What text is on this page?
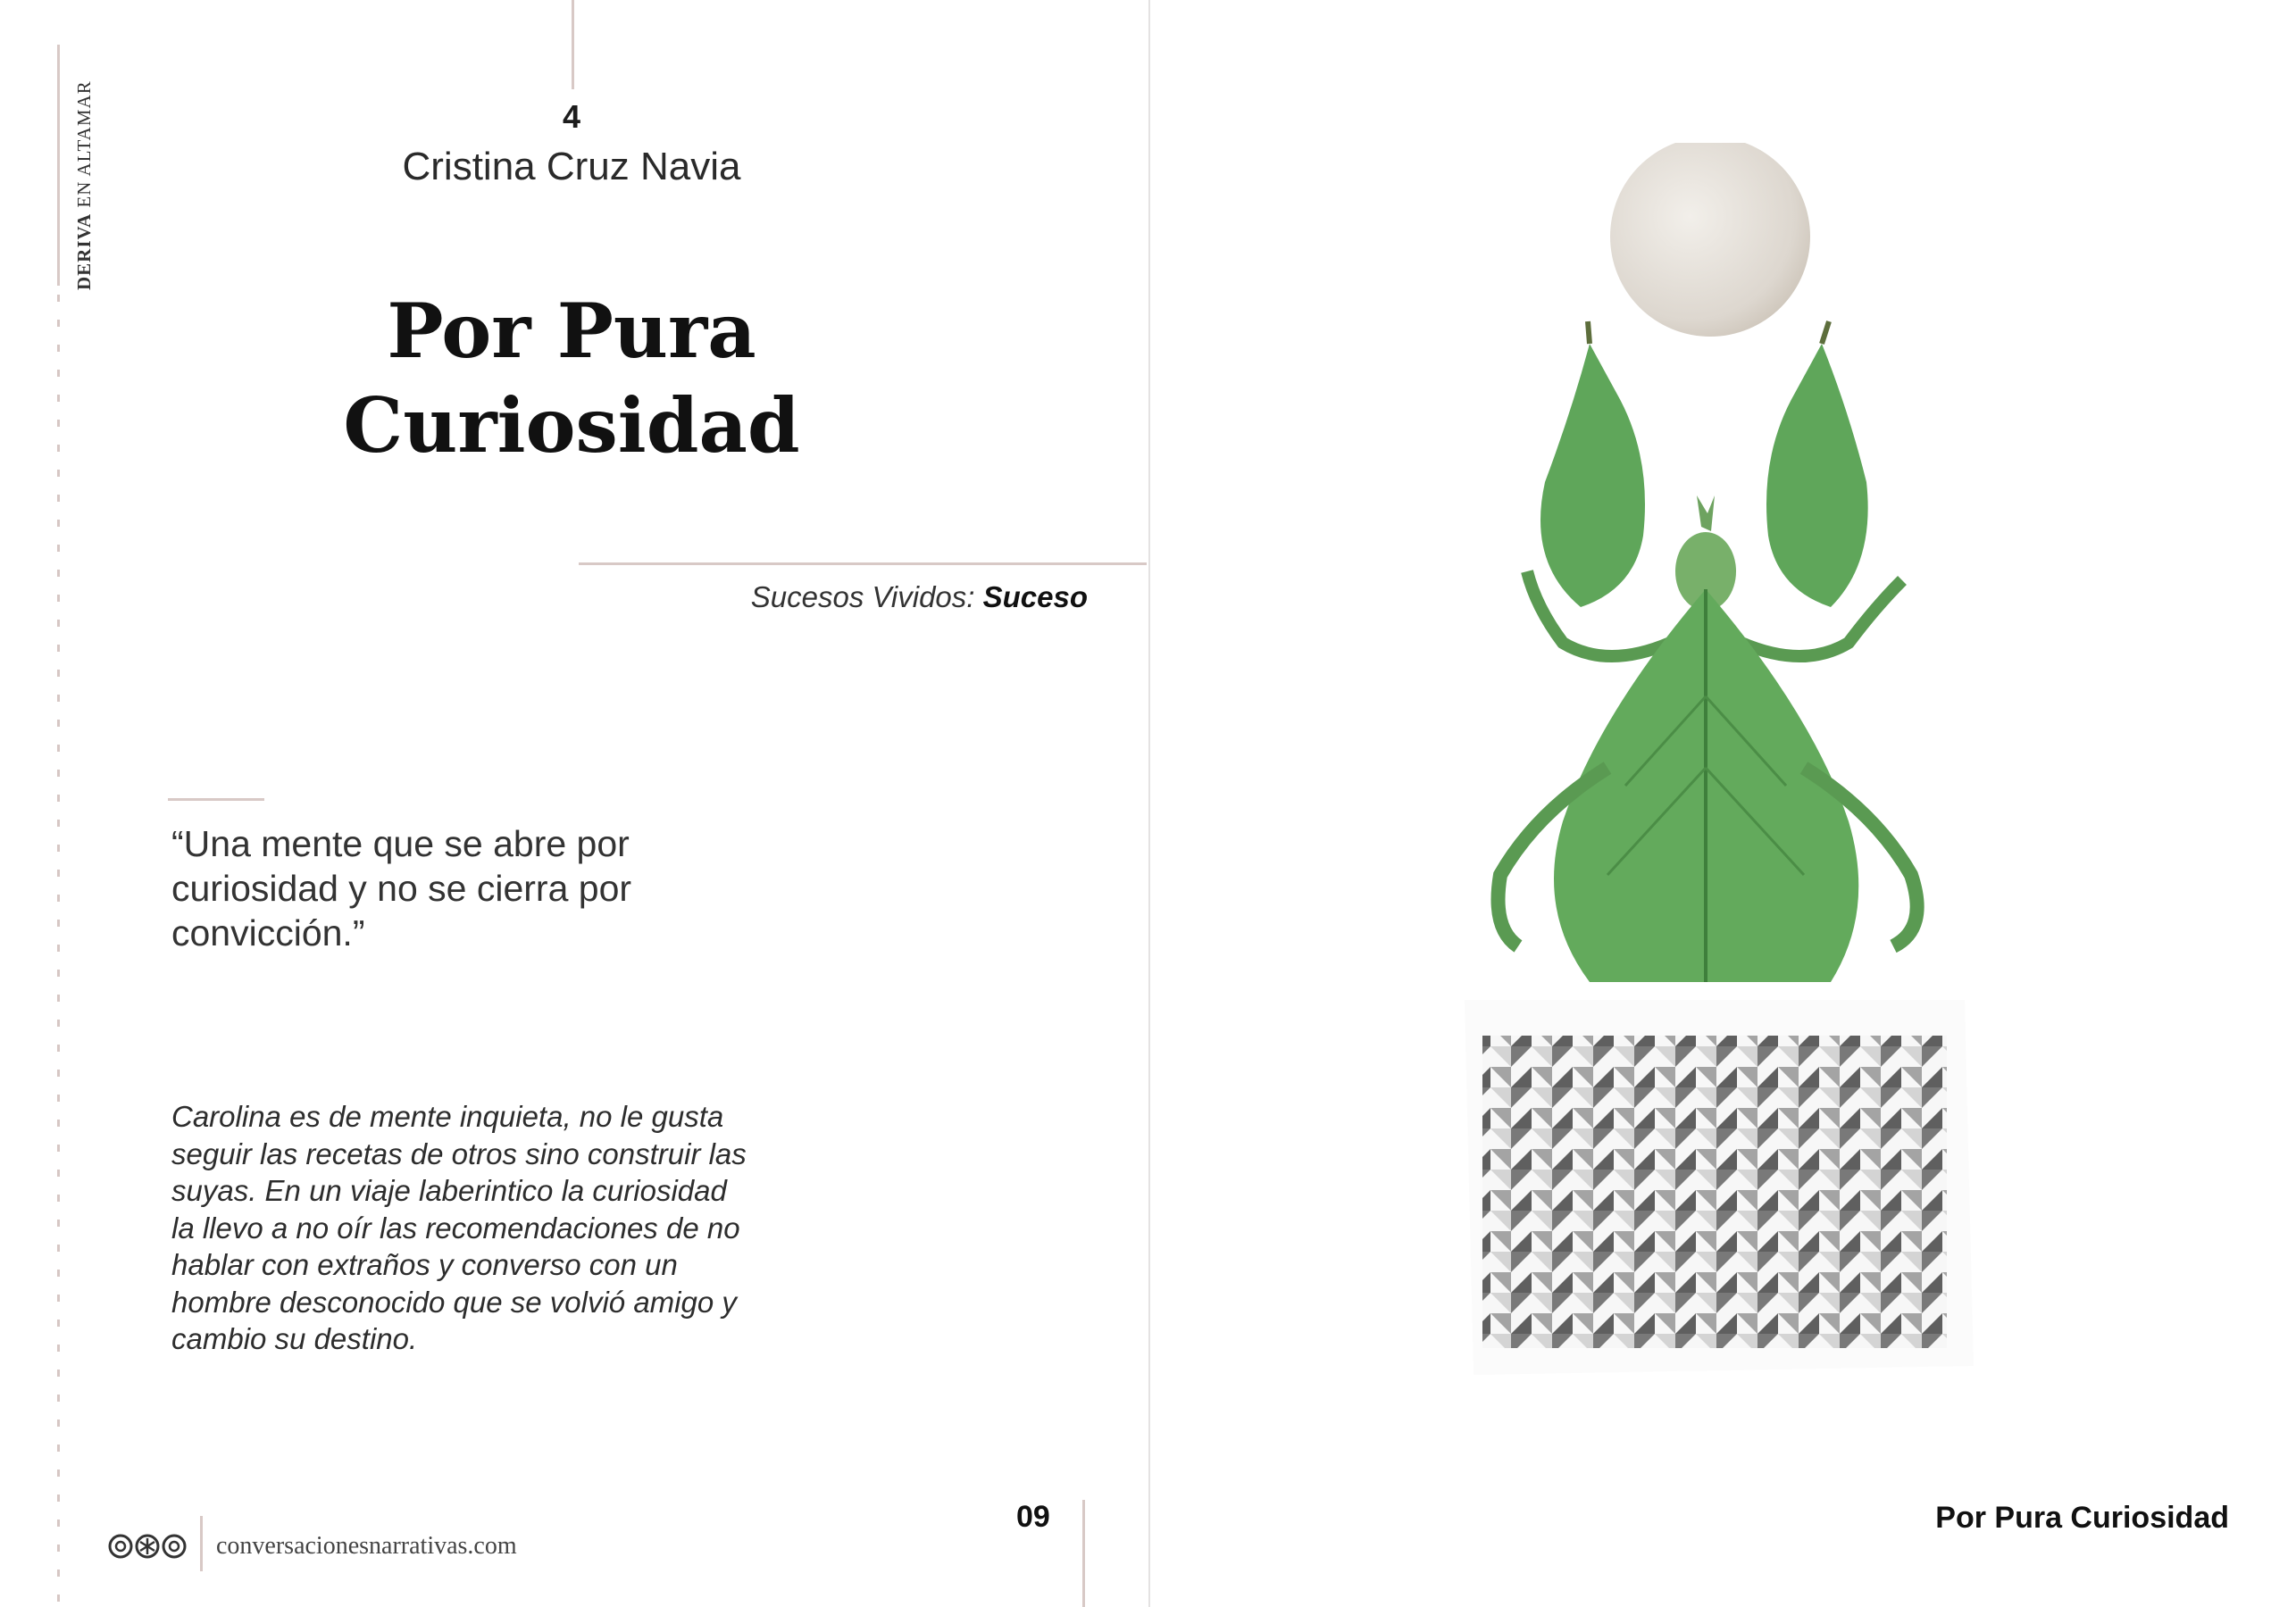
DERIVA EN ALTAMAR	4
Cristina Cruz Navia
Por Pura
Curiosidad
Sucesos Vividos: Suceso
“Una mente que se abre por curiosidad y no se cierra por convicción.”
Carolina es de mente inquieta, no le gusta seguir las recetas de otros sino construir las suyas. En un viaje laberintico la curiosidad la llevo a no oír las recomendaciones de no hablar con extraños y converso con un hombre desconocido que se volvió amigo y cambio su destino.
conversacionesnarrativas.com
09	Por Pura Curiosidad
